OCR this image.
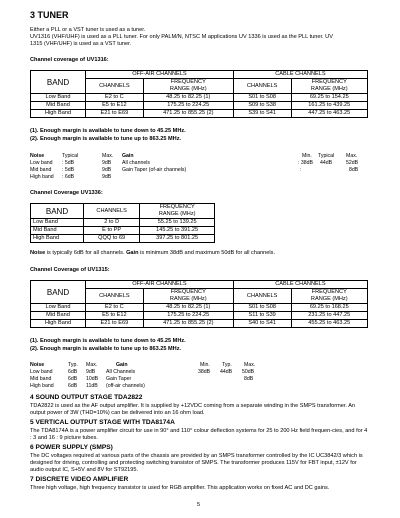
3 TUNER
Either a PLL or a VST tuner is used as a tuner.
UV1316 (VHF/UHF) is used as a PLL tuner. For only PALM/N, NTSC M applications UV 1336 is used as the PLL tuner. UV
1315 (VHF/UHF) is used as a VST tuner.
Channel coverage of UV1316:
BAND	OFF-AIR CHANNELS		CABLE CHANNELS	
	CHANNELS	FREQUENCY
RANGE (MHz)	CHANNELS	FREQUENCY
RANGE (MHz)
Low Band	E2 to C	48.25 to 82.25 (1)	S01 to S08	69.25 to 154.25
Mid Band	E5 to E12	175.25 to 224.25	S09 to S38	161.25 to 439.25
High Band	E21 to E69	471.25 to 855.25 (2)	S39 to S41	447.25 to 463.25
(1). Enough margin is available to tune down to 45.25 MHz.
(2). Enough margin is available to tune up to 863.25 MHz.
Noise	Typical	Max. Gain	Min. Typical Max.
Low band : 5dB	9dB All channels	: 38dB 44dB	52dB
Mid band : 5dB	9dB Gain Taper (of-air channels)	:	8dB
High band : 6dB	9dB
Channel Coverage UV1336:
BAND	CHANNELS	FREQUENCY
RANGE (MHz)
Low Band	2 to D	55.25 to 139.25
Mid Band	E to PP	145.25 to 391.25
High Band	QQQ to 69	397.25 to 801.25
Noise is typically 6dB for all channels. Gain is minimum 38dB and maximum 50dB for all channels.
Channel Coverage of UV1315:
BAND	OFF-AIR CHANNELS		CABLE CHANNELS	
	CHANNELS	FREQUENCY
RANGE (MHz)	CHANNELS	FREQUENCY
RANGE (MHz)
Low Band	E2 to C	48.25 to 82.25 (1)	S01 to S08	69.25 to 168.25
Mid Band	E5 to E12	175.25 to 224.25	S11 to S39	231.25 to 447.25
High Band	E21 to E69	471.25 to 855.25 (2)	S40 to S41	455.25 to 463.25
(1). Enough margin is available to tune down to 45.25 MHz.
(2). Enough margin is available to tune up to 863.25 MHz.
Noise	Typ. Max.	Gain	Min. Typ. Max.
Low band	6dB 9dB All Channels	38dB 44dB 50dB
Mid band	6dB 10dB Gain Taper	8dB
High band	6dB 11dB (off-air channels)
4 SOUND OUTPUT STAGE TDA2822
TDA2822 is used as the AF output amplifier. It is supplied by +12VDC coming from a separate winding in the SMPS transformer. An output power of 3W (THD=10%) can be delivered into an 16 ohm load.
5 VERTICAL OUTPUT STAGE WITH TDA8174A
The TDA8174A is a power amplifier circuit for use in 90° and 110° colour deflection systems for 25 to 200 Hz field frequen-cies, and for 4 : 3 and 16 : 9 picture tubes.
6 POWER SUPPLY (SMPS)
The DC voltages required at various parts of the chassis are provided by an SMPS transformer controlled by the IC UC3842/3 which is designed for driving, controlling and protecting switching transistor of SMPS. The transformer produces 115V for FBT input, ±12V for audio output IC, S+5V and 8V for ST92195.
7 DISCRETE VIDEO AMPLIFIER
Three high voltage, high frequency transistor is used for RGB amplifier. This application works on fixed AC and DC gains.
5
